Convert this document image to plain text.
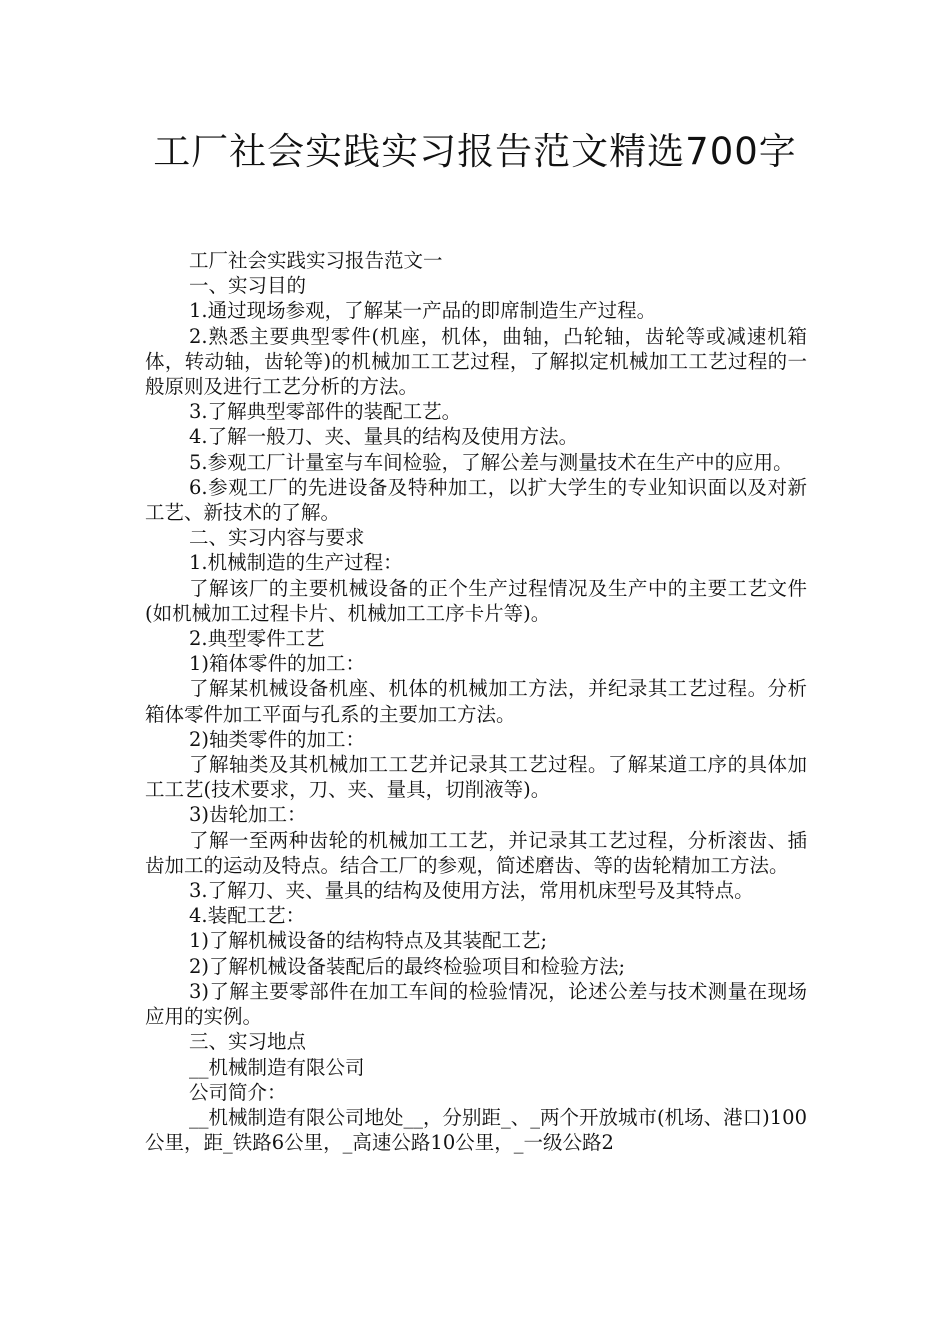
工厂社会实践实习报告范文精选700字

工厂社会实践实习报告范文一

一、实习目的

1.通过现场参观，了解某一产品的即席制造生产过程。

2.熟悉主要典型零件(机座，机体，曲轴，凸轮轴，齿轮等或减速机箱体，转动轴，齿轮等)的机械加工工艺过程，了解拟定机械加工工艺过程的一般原则及进行工艺分析的方法。

3.了解典型零部件的装配工艺。

4.了解一般刀、夹、量具的结构及使用方法。

5.参观工厂计量室与车间检验，了解公差与测量技术在生产中的应用。

6.参观工厂的先进设备及特种加工，以扩大学生的专业知识面以及对新工艺、新技术的了解。

二、实习内容与要求

1.机械制造的生产过程：

了解该厂的主要机械设备的正个生产过程情况及生产中的主要工艺文件(如机械加工过程卡片、机械加工工序卡片等)。

2.典型零件工艺

1)箱体零件的加工：

了解某机械设备机座、机体的机械加工方法，并纪录其工艺过程。分析箱体零件加工平面与孔系的主要加工方法。

2)轴类零件的加工：

了解轴类及其机械加工工艺并记录其工艺过程。了解某道工序的具体加工工艺(技术要求，刀、夹、量具，切削液等)。

3)齿轮加工：

了解一至两种齿轮的机械加工工艺，并记录其工艺过程，分析滚齿、插齿加工的运动及特点。结合工厂的参观，简述磨齿、等的齿轮精加工方法。

3.了解刀、夹、量具的结构及使用方法，常用机床型号及其特点。

4.装配工艺：

1)了解机械设备的结构特点及其装配工艺;

2)了解机械设备装配后的最终检验项目和检验方法;

3)了解主要零部件在加工车间的检验情况，论述公差与技术测量在现场应用的实例。

三、实习地点

__机械制造有限公司

公司简介：

__机械制造有限公司地处__，分别距_、_两个开放城市(机场、港口)100公里，距_铁路6公里，_高速公路10公里，_一级公路2
